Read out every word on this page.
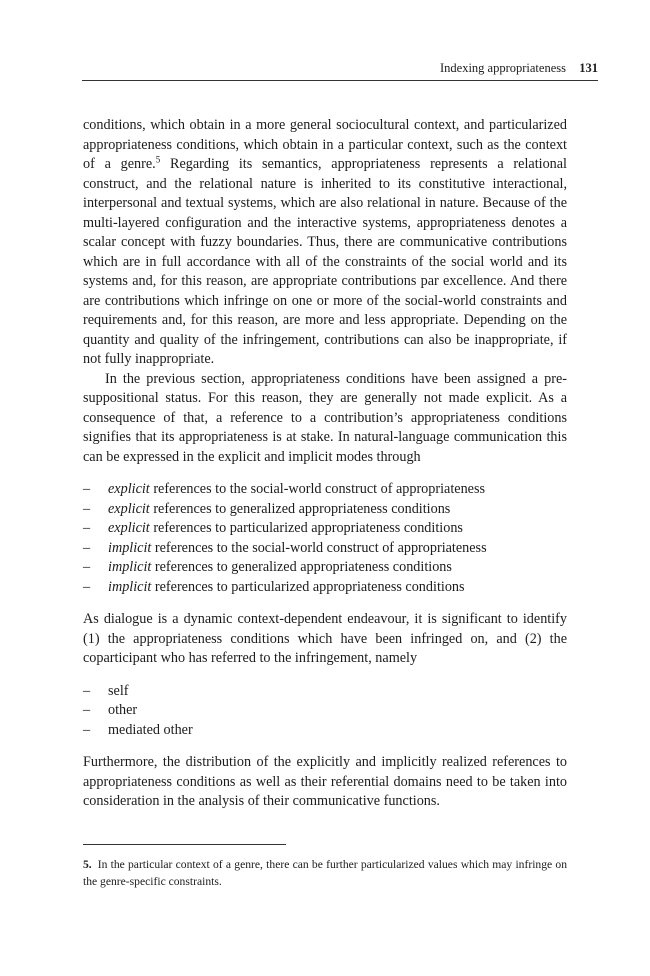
Indexing appropriateness 131

conditions, which obtain in a more general sociocultural context, and particularized appropriateness conditions, which obtain in a particular context, such as the context of a genre.$^5$ Regarding its semantics, appropriateness represents a relational construct, and the relational nature is inherited to its constitutive interactional, interpersonal and textual systems, which are also relational in nature. Because of the multi-layered configuration and the interactive systems, appropriateness denotes a scalar concept with fuzzy boundaries. Thus, there are communicative contributions which are in full accordance with all of the constraints of the social world and its systems and, for this reason, are appropriate contributions par excellence. And there are contributions which infringe on one or more of the social-world constraints and requirements and, for this reason, are more and less appropriate. Depending on the quantity and quality of the infringement, contributions can also be inappropriate, if not fully inappropriate.

In the previous section, appropriateness conditions have been assigned a presuppositional status. For this reason, they are generally not made explicit. As a consequence of that, a reference to a contribution’s appropriateness conditions signifies that its appropriateness is at stake. In natural-language communication this can be expressed in the explicit and implicit modes through

– explicit references to the social-world construct of appropriateness
– explicit references to generalized appropriateness conditions
– explicit references to particularized appropriateness conditions
– implicit references to the social-world construct of appropriateness
– implicit references to generalized appropriateness conditions
– implicit references to particularized appropriateness conditions

As dialogue is a dynamic context-dependent endeavour, it is significant to identify (1) the appropriateness conditions which have been infringed on, and (2) the coparticipant who has referred to the infringement, namely

– self
– other
– mediated other

Furthermore, the distribution of the explicitly and implicitly realized references to appropriateness conditions as well as their referential domains need to be taken into consideration in the analysis of their communicative functions.

5. In the particular context of a genre, there can be further particularized values which may infringe on the genre-specific constraints.
